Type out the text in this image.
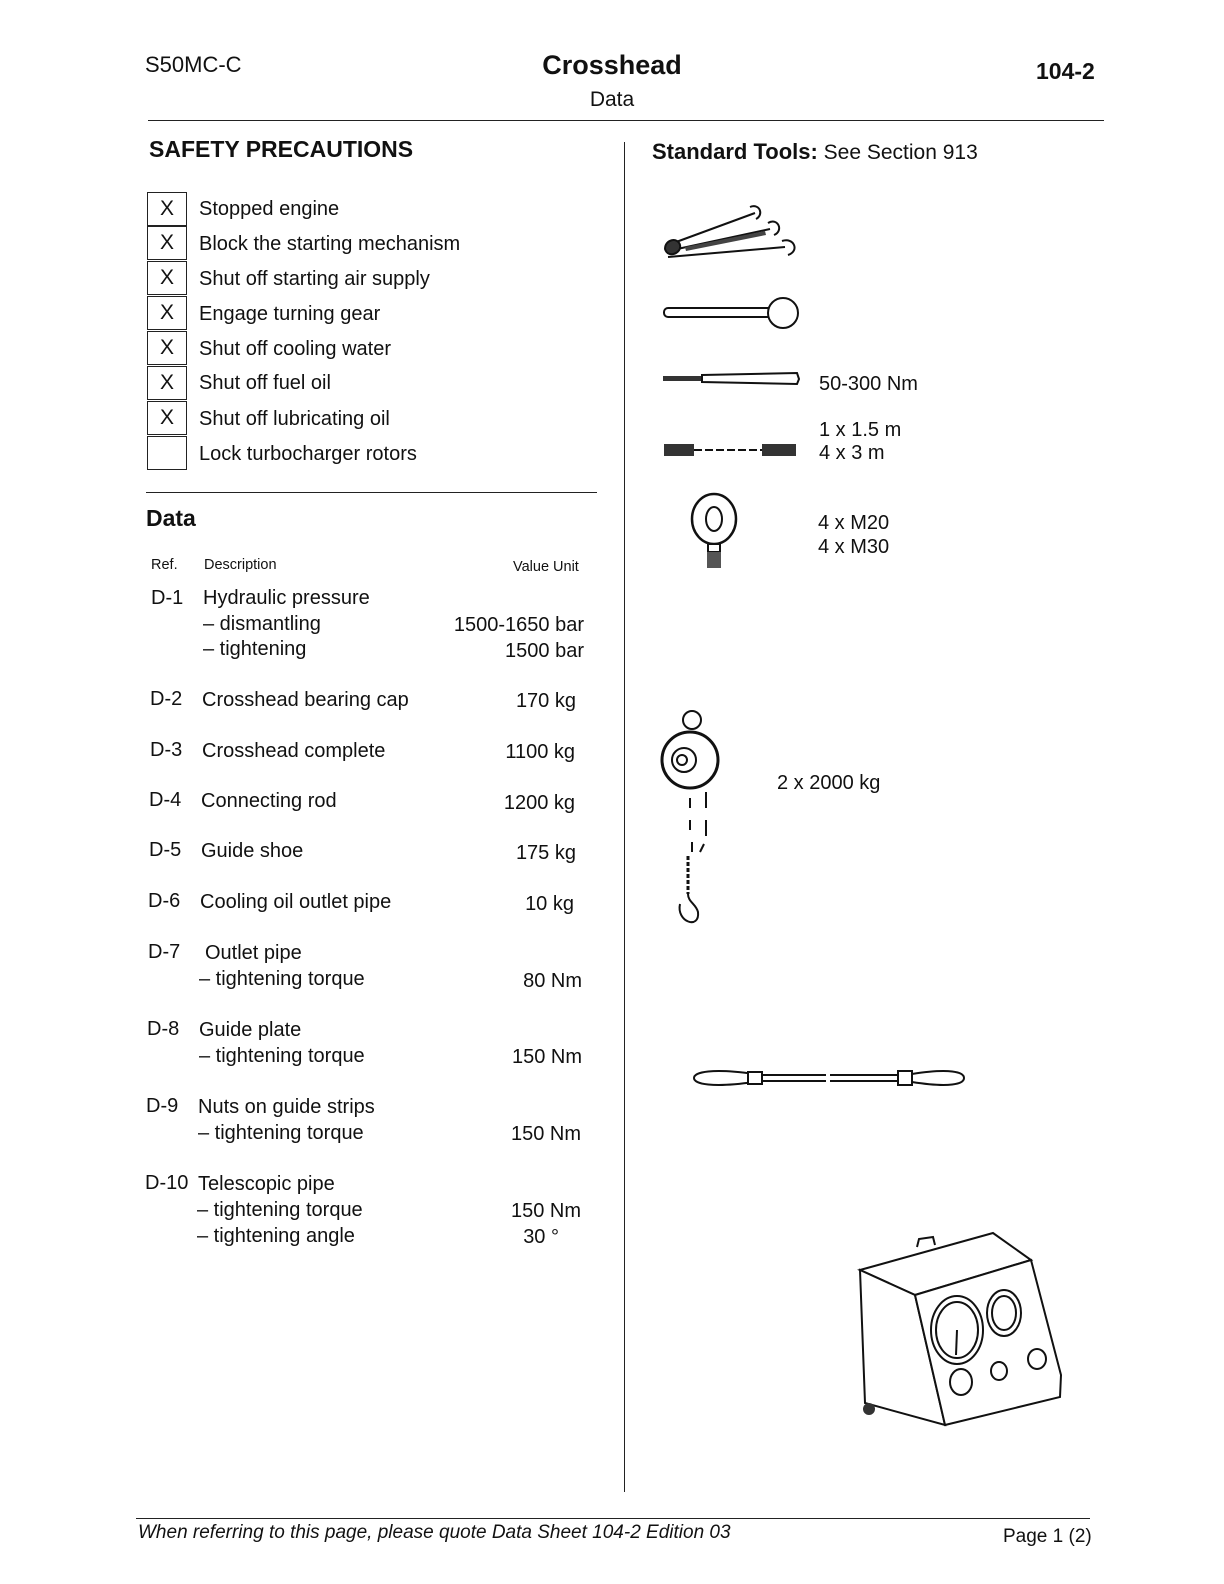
S50MC-C	Crosshead
Data
104-2
SAFETY PRECAUTIONS
X	Stopped engine
X	Block the starting mechanism
X	Shut off starting air supply
X	Engage turning gear
X	Shut off cooling water
X	Shut off fuel oil
X	Shut off lubricating oil
Lock turbocharger rotors
Data
Ref. Description	Value Unit
D-1 Hydraulic pressure
– dismantling	1500-1650 bar
– tightening	1500 bar
D-2 Crosshead bearing cap	170 kg
D-3 Crosshead complete	1100 kg
D-4 Connecting rod	1200 kg
D-5 Guide shoe	175 kg
D-6 Cooling oil outlet pipe	10 kg
D-7 Outlet pipe
– tightening torque	80 Nm
D-8 Guide plate
– tightening torque	150 Nm
D-9 Nuts on guide strips
– tightening torque	150 Nm
D-10 Telescopic pipe
– tightening torque	150 Nm
– tightening angle	30 °
Standard Tools: See Section 913
50-300 Nm
1 x 1.5 m
4 x 3 m
4 x M20
4 x M30
2 x 2000 kg
When referring to this page, please quote Data Sheet 104-2 Edition 03	Page 1 (2)
